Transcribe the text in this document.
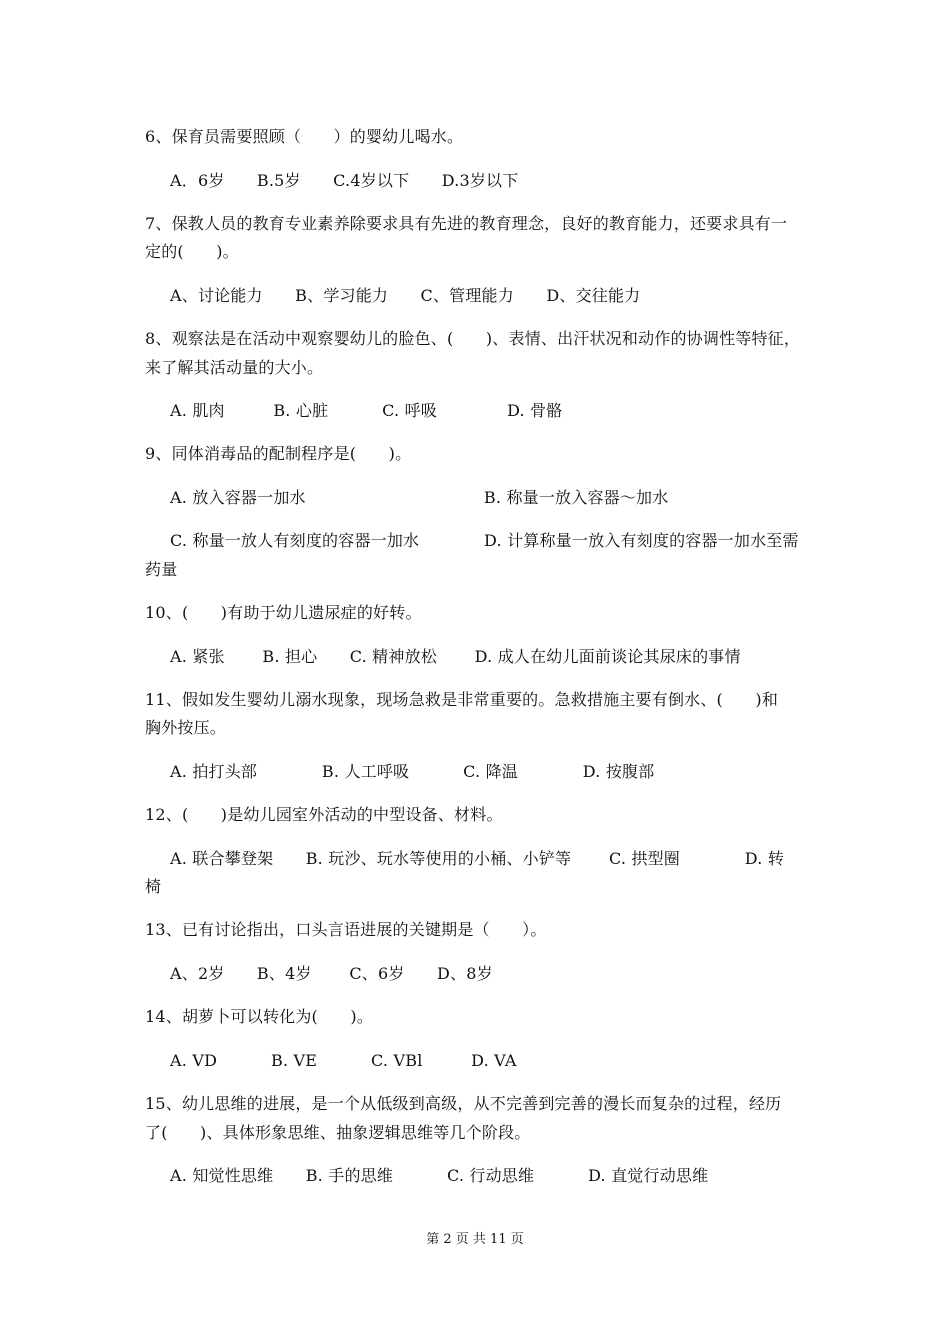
6、保育员需要照顾（　　）的婴幼儿喝水。
A．6岁　　B.5岁　　C.4岁以下　　D.3岁以下
7、保教人员的教育专业素养除要求具有先进的教育理念，良好的教育能力，还要求具有一
定的(　　)。
A、讨论能力　　B、学习能力　　C、管理能力　　D、交往能力
8、观察法是在活动中观察婴幼儿的脸色、(　　)、表情、出汗状况和动作的协调性等特征，
来了解其活动量的大小。
A. 肌肉　　　B. 心脏　　　 C. 呼吸　　　　 D. 骨骼
9、同体消毒品的配制程序是(　　)。
A. 放入容器一加水　　　　　　　　　　　B. 称量一放入容器～加水
C. 称量一放人有刻度的容器一加水　　　　D. 计算称量一放入有刻度的容器一加水至需
药量
10、(　　)有助于幼儿遗尿症的好转。
A. 紧张　　 B. 担心　　C. 精神放松　　 D. 成人在幼儿面前谈论其尿床的事情
11、假如发生婴幼儿溺水现象，现场急救是非常重要的。急救措施主要有倒水、(　　)和
胸外按压。
A. 拍打头部　　　　B. 人工呼吸　　　 C. 降温　　　　D. 按腹部
12、(　　)是幼儿园室外活动的中型设备、材料。
A. 联合攀登架　　B. 玩沙、玩水等使用的小桶、小铲等　　 C. 拱型圈　　　　D. 转
椅
13、已有讨论指出，口头言语进展的关键期是（　　）。
A、2岁　　B、4岁　　 C、6岁　　D、8岁
14、胡萝卜可以转化为(　　)。
A. VD　　　 B. VE　　　 C. VBl　　　D. VA
15、幼儿思维的进展，是一个从低级到高级，从不完善到完善的漫长而复杂的过程，经历
了(　　)、具体形象思维、抽象逻辑思维等几个阶段。
A. 知觉性思维　　B. 手的思维　　　 C. 行动思维　　　 D. 直觉行动思维
第 2 页 共 11 页
